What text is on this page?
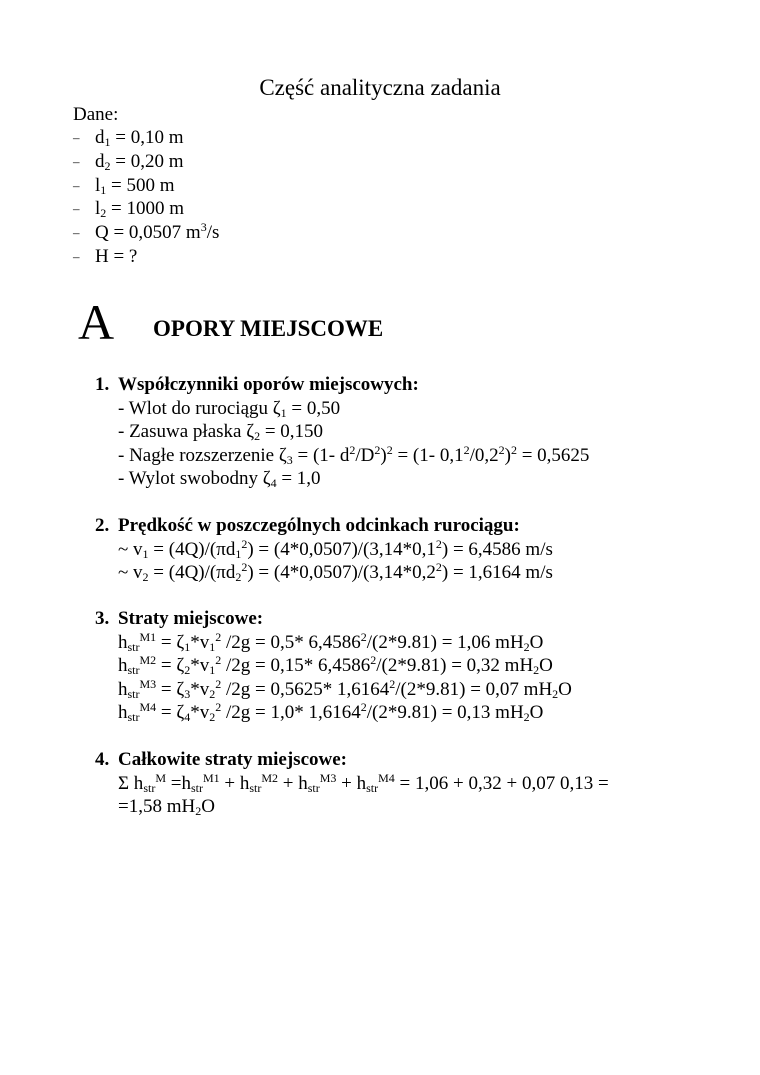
Część analityczna zadania
Dane:
– $d_1 = 0,10$ m
– $d_2 = 0,20$ m
– $l_1 = 500$ m
– $l_2 = 1000$ m
– Q = 0,0507 $m^3/s$
– H = ?
A OPORY MIEJSCOWE
1. Współczynniki oporów miejscowych:
- Wlot do rurociągu $\zeta_1 = 0,50$
- Zasuwa płaska $\zeta_2 = 0,150$
- Nagłe rozszerzenie $\zeta_3 = (1-$ $d^2/D^2)^2 = (1-$ $0,1^2/0,2^2)^2 = 0,5625$
- Wylot swobodny $\zeta_4 = 1,0$
2. Prędkość w poszczególnych odcinkach rurociągu:
~ $v_1 = (4Q)/(\pi d_1^2) = (4*0,0507)/(3,14*0,1^2) = 6,4586$ m/s
~ $v_2 = (4Q)/(\pi d_2^2) = (4*0,0507)/(3,14*0,2^2) = 1,6164$ m/s
3. Straty miejscowe:
$h_{str}^{M1} = \zeta_1*v_1^2$ /2g = 0,5* $6,4586^2/(2*9.81) = 1,06$ $mH_2O$
$h_{str}^{M2} = \zeta_2*v_1^2$ /2g = 0,15* $6,4586^2/(2*9.81) = 0,32$ $mH_2O$
$h_{str}^{M3} = \zeta_3*v_2^2$ /2g = 0,5625* $1,6164^2/(2*9.81) = 0,07$ $mH_2O$
$h_{str}^{M4} = \zeta_4*v_2^2$ /2g = 1,0* $1,6164^2/(2*9.81) = 0,13$ $mH_2O$
4. Całkowite straty miejscowe:
Σ $h_{str}^M =h_{str}^{M1} + h_{str}^{M2} + h_{str}^{M3} + h_{str}^{M4} = 1,06 + 0,32 + 0,07$ 0,13 =
=1,58 $mH_2O$
